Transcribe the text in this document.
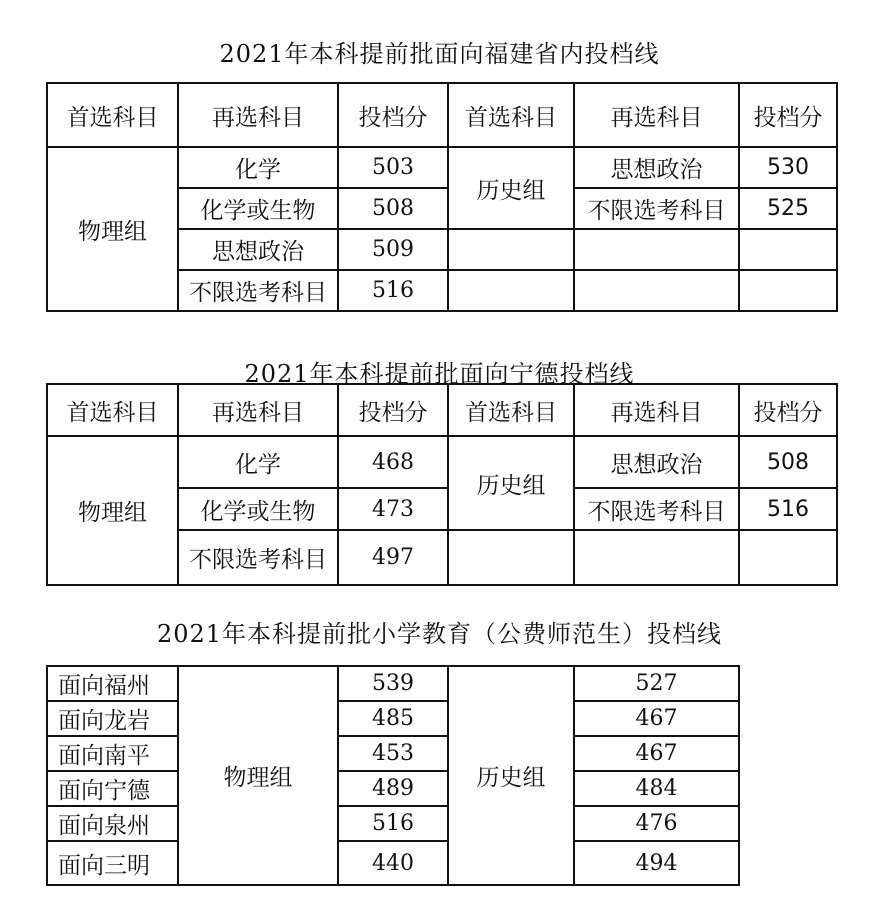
2021年本科提前批面向福建省内投档线
首选科目	再选科目	投档分	首选科目	再选科目	投档分
物理组	化学	503	历史组	思想政治	530
	化学或生物	508		不限选考科目	525
	思想政治	509			
	不限选考科目	516			
2021年本科提前批面向宁德投档线
首选科目	再选科目	投档分	首选科目	再选科目	投档分
物理组	化学	468	历史组	思想政治	508
	化学或生物	473		不限选考科目	516
	不限选考科目	497			
2021年本科提前批小学教育（公费师范生）投档线
面向福州	物理组	539	历史组	527
面向龙岩		485		467
面向南平		453		467
面向宁德		489		484
面向泉州		516		476
面向三明		440		494
